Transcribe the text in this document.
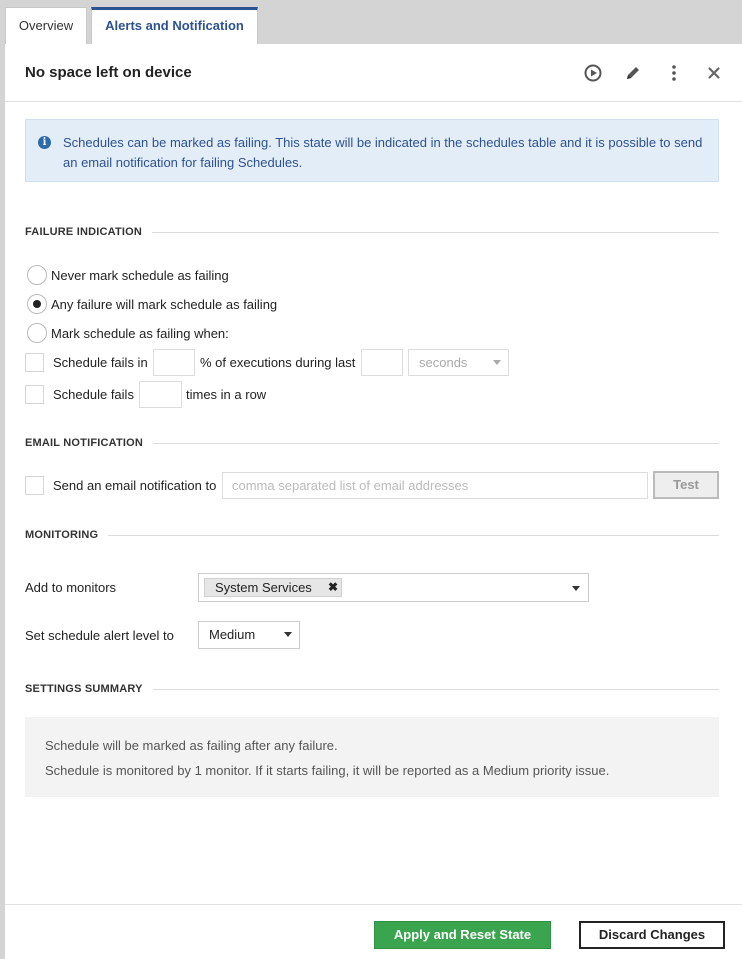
Overview	Alerts and Notification
No space left on device
i	Schedules can be marked as failing. This state will be indicated in the schedules table and it is possible to send an email notification for failing Schedules.
FAILURE INDICATION
Never mark schedule as failing
Any failure will mark schedule as failing
Mark schedule as failing when:
Schedule fails in	% of executions during last	seconds
Schedule fails	times in a row
EMAIL NOTIFICATION
Send an email notification to
comma separated list of email addresses	Test
MONITORING
Add to monitors	System Services ✖
Set schedule alert level to	Medium
SETTINGS SUMMARY
Schedule will be marked as failing after any failure.
Schedule is monitored by 1 monitor. If it starts failing, it will be reported as a Medium priority issue.
Apply and Reset State	Discard Changes
